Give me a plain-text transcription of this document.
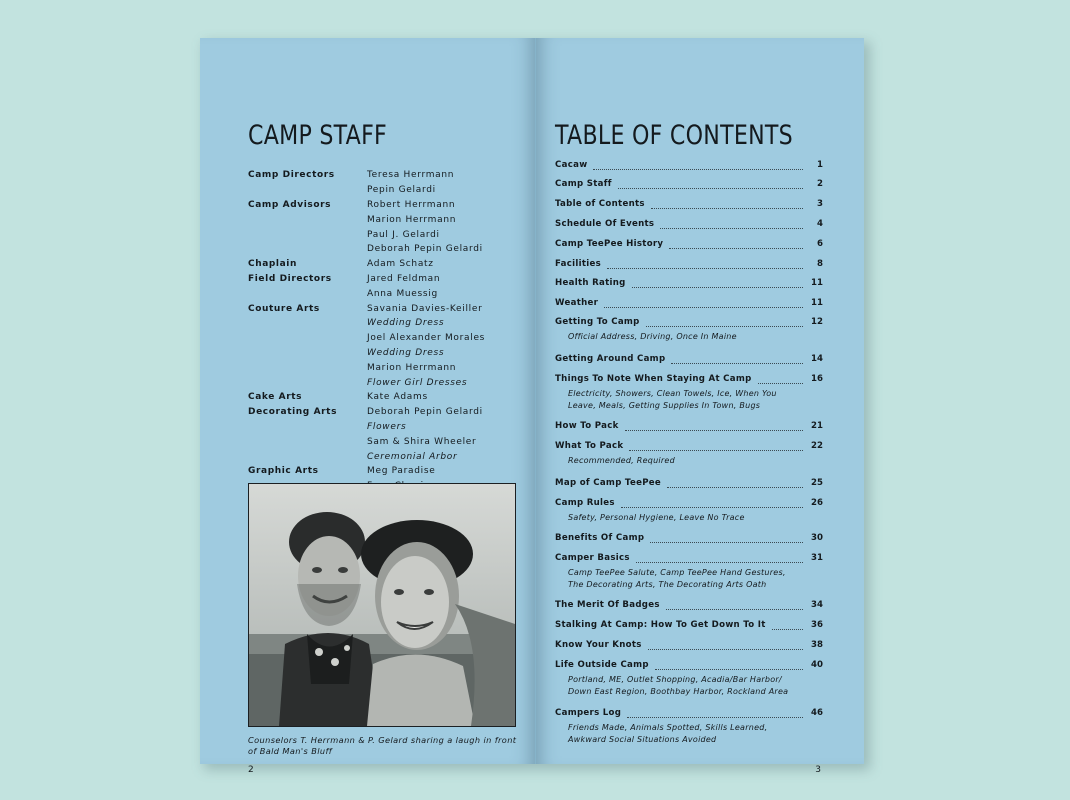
CAMP STAFF
Camp Directors	Teresa Herrmann
Pepin Gelardi
Camp Advisors	Robert Herrmann
Marion Herrmann
Paul J. Gelardi
Deborah Pepin Gelardi
Chaplain	Adam Schatz
Field Directors	Jared Feldman
Anna Muessig
Couture Arts	Savania Davies-Keiller
Wedding Dress
Joel Alexander Morales
Wedding Dress
Marion Herrmann
Flower Girl Dresses
Cake Arts	Kate Adams
Decorating Arts	Deborah Pepin Gelardi
Flowers
Sam & Shira Wheeler
Ceremonial Arbor
Graphic Arts	Meg Paradise
Counselors T. Herrmann & P. Gelard sharing a laugh in front of Bald Man's Bluff
2
TABLE OF CONTENTS
Cacaw	1
Camp Staff	2
Table of Contents	3
Schedule Of Events	4
Camp TeePee History	6
Facilities	8
Health Rating	11
Weather	11
Getting To Camp	12
Official Address, Driving, Once In Maine
Getting Around Camp	14
Things To Note When Staying At Camp	16
Electricity, Showers, Clean Towels, Ice, When You Leave, Meals, Getting Supplies In Town, Bugs
How To Pack	21
What To Pack	22
Recommended, Required
Map of Camp TeePee	25
Camp Rules	26
Safety, Personal Hygiene, Leave No Trace
Benefits Of Camp	30
Camper Basics	31
Camp TeePee Salute, Camp TeePee Hand Gestures, The Decorating Arts, The Decorating Arts Oath
The Merit Of Badges	34
Stalking At Camp: How To Get Down To It	36
Know Your Knots	38
Life Outside Camp	40
Portland, ME, Outlet Shopping, Acadia/Bar Harbor/ Down East Region, Boothbay Harbor, Rockland Area
Campers Log	46
Friends Made, Animals Spotted, Skills Learned, Awkward Social Situations Avoided
3
